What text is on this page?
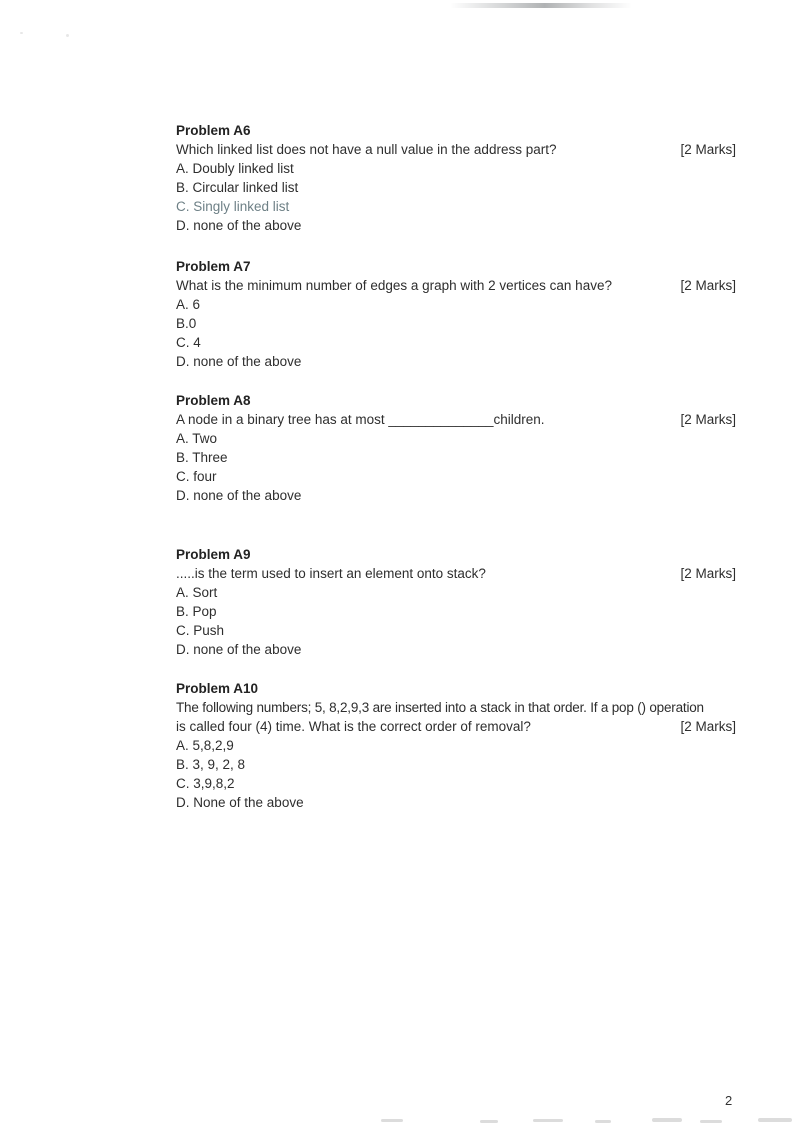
Problem A6
Which linked list does not have a null value in the address part?	[2 Marks]
A. Doubly linked list
B. Circular linked list
C. Singly linked list
D. none of the above
Problem A7
What is the minimum number of edges a graph with 2 vertices can have?	[2 Marks]
A. 6
B.0
C. 4
D. none of the above
Problem A8
A node in a binary tree has at most ______________children.	[2 Marks]
A. Two
B. Three
C. four
D. none of the above
Problem A9
.....is the term used to insert an element onto stack?	[2 Marks]
A. Sort
B. Pop
C. Push
D. none of the above
Problem A10
The following numbers; 5, 8,2,9,3 are inserted into a stack in that order. If a pop () operation
is called four (4) time. What is the correct order of removal?	[2 Marks]
A. 5,8,2,9
B. 3, 9, 2, 8
C. 3,9,8,2
D. None of the above
2
